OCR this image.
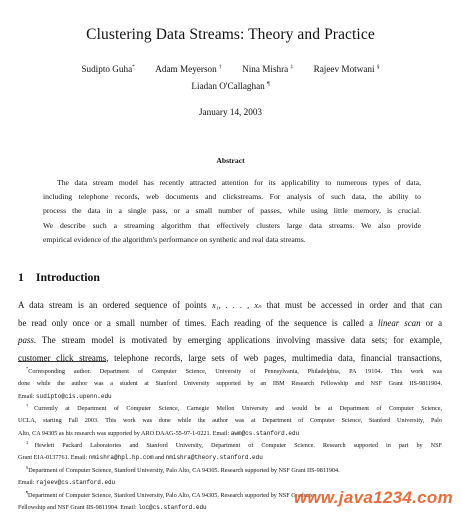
Clustering Data Streams: Theory and Practice
Sudipto Guha* Adam Meyerson † Nina Mishra ‡ Rajeev Motwani §
Liadan O'Callaghan ¶
January 14, 2003
Abstract
The data stream model has recently attracted attention for its applicability to numerous types of data,
including telephone records, web documents and clickstreams. For analysis of such data, the ability to
process the data in a single pass, or a small number of passes, while using little memory, is crucial.
We describe such a streaming algorithm that effectively clusters large data streams. We also provide
empirical evidence of the algorithm's performance on synthetic and real data streams.
1 Introduction
A data stream is an ordered sequence of points x₁, . . . , xₙ that must be accessed in order and that can
be read only once or a small number of times. Each reading of the sequence is called a linear scan or a
pass. The stream model is motivated by emerging applications involving massive data sets; for example,
customer click streams, telephone records, large sets of web pages, multimedia data, financial transactions,
*Corresponding author. Department of Computer Science, University of Pennsylvania, Philadelphia, PA 19104. This work was
done while the author was a student at Stanford University supported by an IBM Research Fellowship and NSF Grant IIS-9811904.
Email: sudipto@cis.upenn.edu
†Currently at Department of Computer Science, Carnegie Mellon University and would be at Department of Computer Science,
UCLA, starting Fall 2003. This work was done while the author was at Department of Computer Science, Stanford University, Palo
Alto, CA 94305 as his research was supported by ARO DAAG-55-97-1-0221. Email: awm@cs.stanford.edu
‡Hewlett Packard Laboratories and Stanford University, Department of Computer Science. Research supported in part by NSF
Grant EIA-0137761. Email: nmishra@hpl.hp.com and nmishra@theory.stanford.edu
§Department of Computer Science, Stanford University, Palo Alto, CA 94305. Research supported by NSF Grant IIS-9811904.
Email: rajeev@cs.stanford.edu
¶Department of Computer Science, Stanford University, Palo Alto, CA 94305. Research supported by NSF Graduate
Fellowship and NSF Grant IIS-9811904. Email: loc@cs.stanford.edu
www.java1234.com
